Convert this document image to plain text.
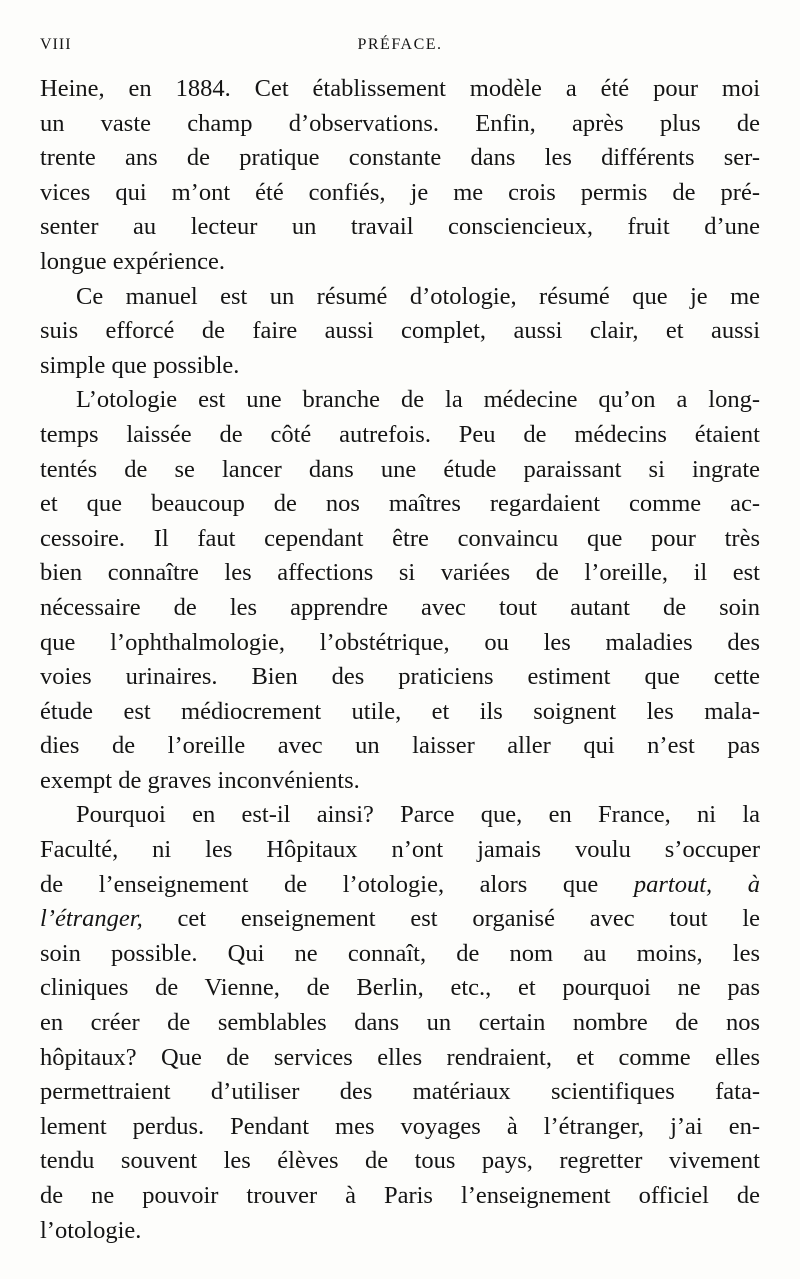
VIII	PRÉFACE.

Heine, en 1884. Cet établissement modèle a été pour moi
un vaste champ d’observations. Enfin, après plus de
trente ans de pratique constante dans les différents ser-
vices qui m’ont été confiés, je me crois permis de pré-
senter au lecteur un travail consciencieux, fruit d’une
longue expérience.

Ce manuel est un résumé d’otologie, résumé que je me
suis efforcé de faire aussi complet, aussi clair, et aussi
simple que possible.

L’otologie est une branche de la médecine qu’on a long-
temps laissée de côté autrefois. Peu de médecins étaient
tentés de se lancer dans une étude paraissant si ingrate
et que beaucoup de nos maîtres regardaient comme ac-
cessoire. Il faut cependant être convaincu que pour très
bien connaître les affections si variées de l’oreille, il est
nécessaire de les apprendre avec tout autant de soin
que l’ophthalmologie, l’obstétrique, ou les maladies des
voies urinaires. Bien des praticiens estiment que cette
étude est médiocrement utile, et ils soignent les mala-
dies de l’oreille avec un laisser aller qui n’est pas
exempt de graves inconvénients.

Pourquoi en est-il ainsi? Parce que, en France, ni la
Faculté, ni les Hôpitaux n’ont jamais voulu s’occuper
de l’enseignement de l’otologie, alors que partout, à
l’étranger, cet enseignement est organisé avec tout le
soin possible. Qui ne connaît, de nom au moins, les
cliniques de Vienne, de Berlin, etc., et pourquoi ne pas
en créer de semblables dans un certain nombre de nos
hôpitaux? Que de services elles rendraient, et comme elles
permettraient d’utiliser des matériaux scientifiques fata-
lement perdus. Pendant mes voyages à l’étranger, j’ai en-
tendu souvent les élèves de tous pays, regretter vivement
de ne pouvoir trouver à Paris l’enseignement officiel de
l’otologie.
